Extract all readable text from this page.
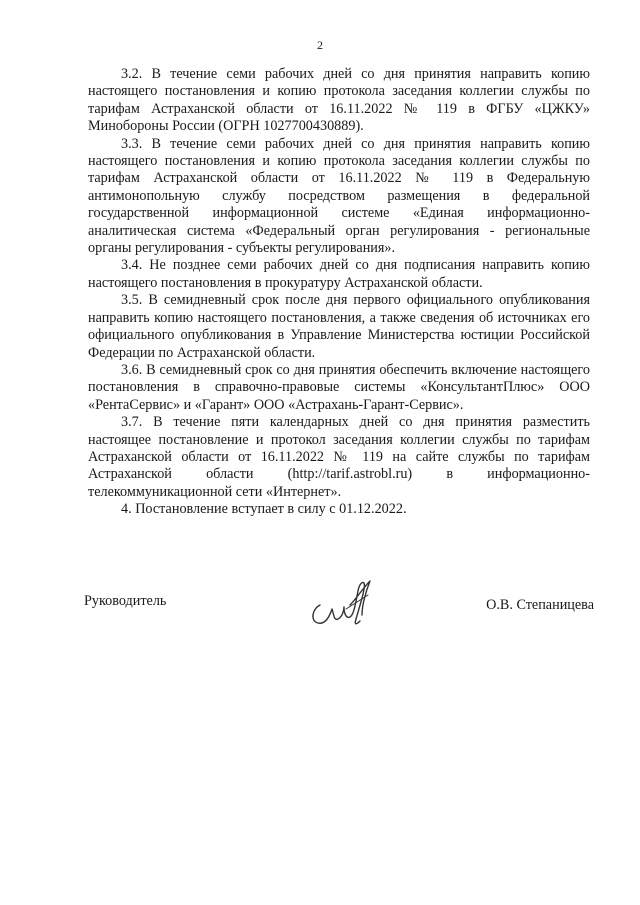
2

3.2. В течение семи рабочих дней со дня принятия направить копию настоящего постановления и копию протокола заседания коллегии службы по тарифам Астраханской области от 16.11.2022 № 119 в ФГБУ «ЦЖКУ» Минобороны России (ОГРН 1027700430889).

3.3. В течение семи рабочих дней со дня принятия направить копию настоящего постановления и копию протокола заседания коллегии службы по тарифам Астраханской области от 16.11.2022 № 119 в Федеральную антимонопольную службу посредством размещения в федеральной государственной информационной системе «Единая информационно-аналитическая система «Федеральный орган регулирования - региональные органы регулирования - субъекты регулирования».

3.4. Не позднее семи рабочих дней со дня подписания направить копию настоящего постановления в прокуратуру Астраханской области.

3.5. В семидневный срок после дня первого официального опубликования направить копию настоящего постановления, а также сведения об источниках его официального опубликования в Управление Министерства юстиции Российской Федерации по Астраханской области.

3.6. В семидневный срок со дня принятия обеспечить включение настоящего постановления в справочно-правовые системы «КонсультантПлюс» ООО «РентаСервис» и «Гарант» ООО «Астрахань-Гарант-Сервис».

3.7. В течение пяти календарных дней со дня принятия разместить настоящее постановление и протокол заседания коллегии службы по тарифам Астраханской области от 16.11.2022 № 119 на сайте службы по тарифам Астраханской области (http://tarif.astrobl.ru) в информационно-телекоммуникационной сети «Интернет».

4. Постановление вступает в силу с 01.12.2022.

Руководитель	О.В. Степаницева
